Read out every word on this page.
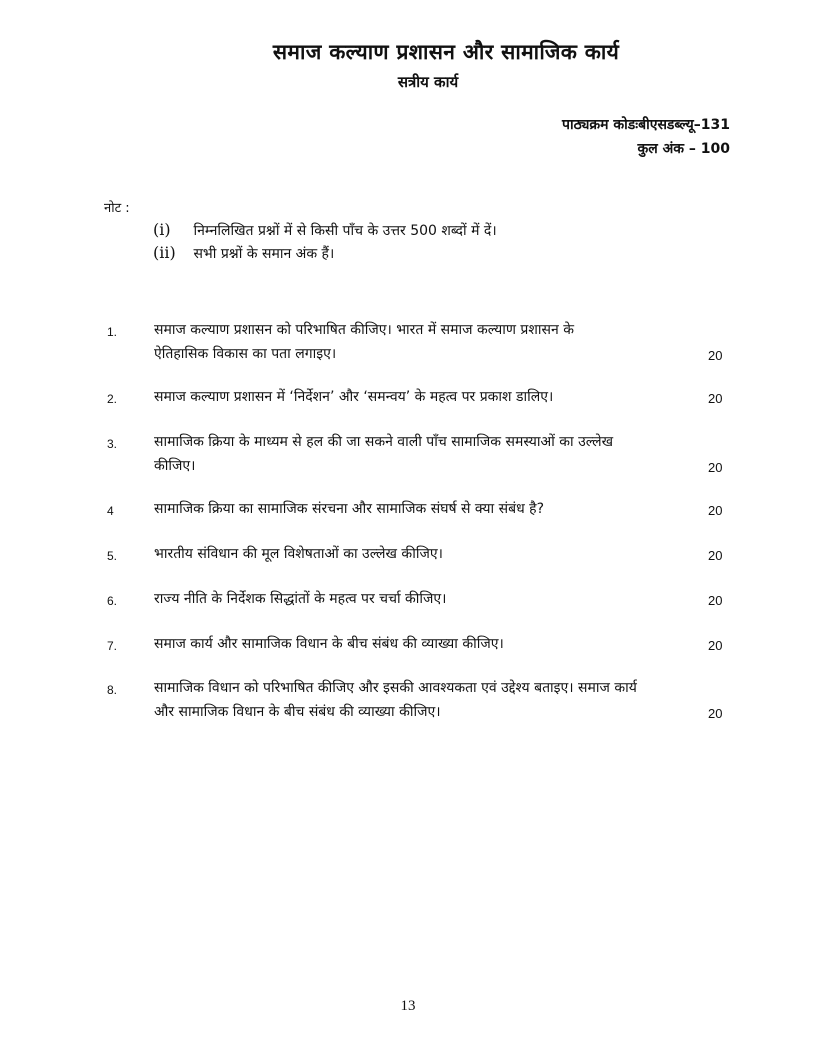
समाज कल्याण प्रशासन और सामाजिक कार्य
सत्रीय कार्य
पाठ्यक्रम कोडःबीएसडब्ल्यू–131
कुल अंक – 100
नोट :
(i) निम्नलिखित प्रश्नों में से किसी पाँच के उत्तर 500 शब्दों में दें।
(ii) सभी प्रश्नों के समान अंक हैं।
1.	समाज कल्याण प्रशासन को परिभाषित कीजिए। भारत में समाज कल्याण प्रशासन के
ऐतिहासिक विकास का पता लगाइए।	20
2.	समाज कल्याण प्रशासन में ‘निर्देशन’ और ‘समन्वय’ के महत्व पर प्रकाश डालिए।	20
3.	सामाजिक क्रिया के माध्यम से हल की जा सकने वाली पाँच सामाजिक समस्याओं का उल्लेख
कीजिए।	20
4	सामाजिक क्रिया का सामाजिक संरचना और सामाजिक संघर्ष से क्या संबंध है?	20
5.	भारतीय संविधान की मूल विशेषताओं का उल्लेख कीजिए।	20
6.	राज्य नीति के निर्देशक सिद्धांतों के महत्व पर चर्चा कीजिए।	20
7.	समाज कार्य और सामाजिक विधान के बीच संबंध की व्याख्या कीजिए।	20
8.	सामाजिक विधान को परिभाषित कीजिए और इसकी आवश्यकता एवं उद्देश्य बताइए। समाज कार्य
और सामाजिक विधान के बीच संबंध की व्याख्या कीजिए।	20
13
